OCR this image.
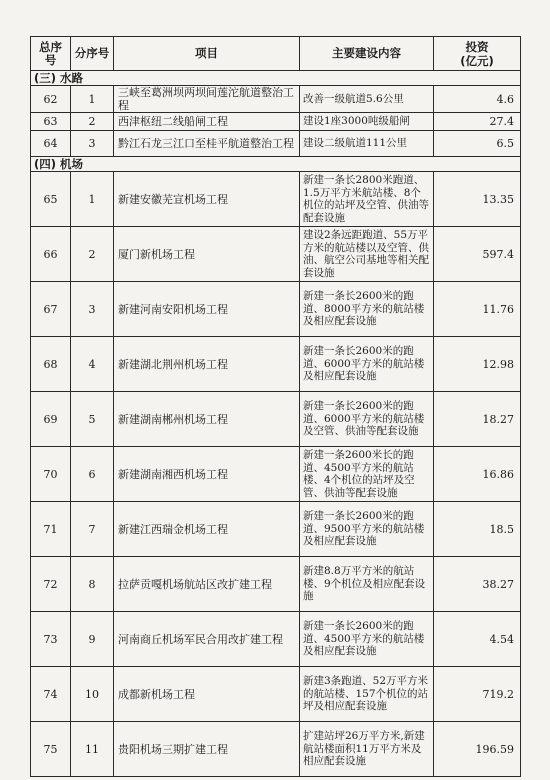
总序号	分序号	项目	主要建设内容	投资
(亿元)
(三) 水路				
62	1	三峡至葛洲坝两坝间莲沱航道整治工程	改善一级航道5.6公里	4.6
63	2	西津枢纽二线船闸工程	建设1座3000吨级船闸	27.4
64	3	黔江石龙三江口至桂平航道整治工程	建设二级航道111公里	6.5
(四) 机场				
65	1	新建安徽芜宣机场工程	新建一条长2800米跑道、1.5万平方米航站楼、8个机位的站坪及空管、供油等配套设施	13.35
66	2	厦门新机场工程	建设2条远距跑道、55万平方米的航站楼以及空管、供油、航空公司基地等相关配套设施	597.4
67	3	新建河南安阳机场工程	新建一条长2600米的跑道、8000平方米的航站楼及相应配套设施	11.76
68	4	新建湖北荆州机场工程	新建一条长2600米的跑道、6000平方米的航站楼及相应配套设施	12.98
69	5	新建湖南郴州机场工程	新建一条长2600米的跑道、6000平方米的航站楼及空管、供油等配套设施	18.27
70	6	新建湖南湘西机场工程	新建一条2600米长的跑道、4500平方米的航站楼、4个机位的站坪及空管、供油等配套设施	16.86
71	7	新建江西瑞金机场工程	新建一条长2600米的跑道、9500平方米的航站楼及相应配套设施	18.5
72	8	拉萨贡嘎机场航站区改扩建工程	新建8.8万平方米的航站楼、9个机位及相应配套设施	38.27
73	9	河南商丘机场军民合用改扩建工程	新建一条长2600米的跑道、4500平方米的航站楼及相应配套设施	4.54
74	10	成都新机场工程	新建3条跑道、52万平方米的航站楼、157个机位的站坪及相应配套设施	719.2
75	11	贵阳机场三期扩建工程	扩建站坪26万平方米,新建航站楼面积11万平方米及相应配套设施	196.59
